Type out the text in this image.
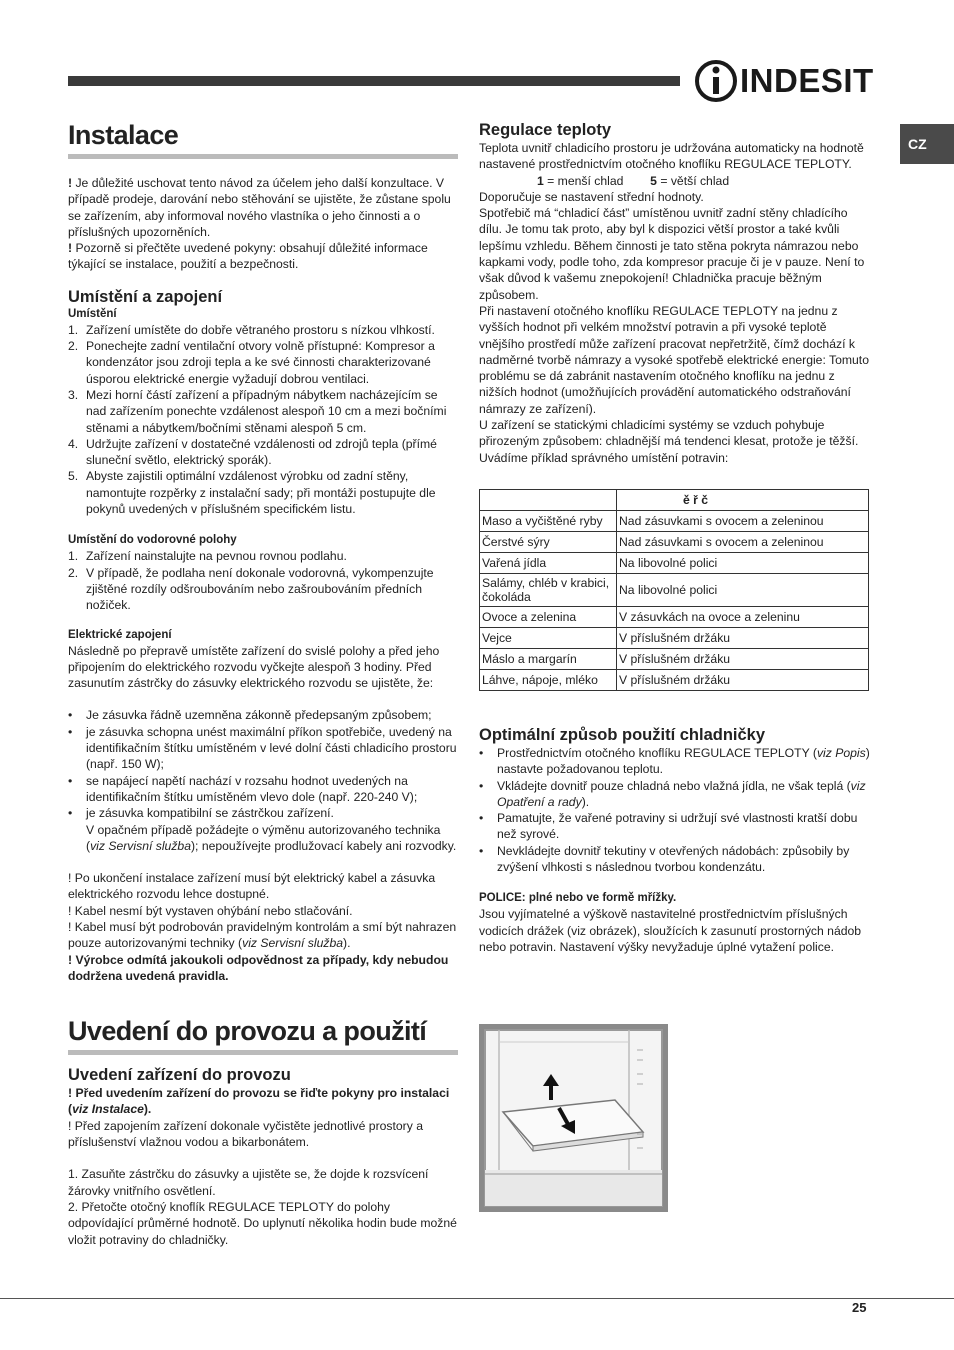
INDESIT
CZ
Instalace

! Je důležité uschovat tento návod za účelem jeho další konzultace. V případě prodeje, darování nebo stěhování se ujistěte, že zůstane spolu se zařízením, aby informoval nového vlastníka o jeho činnosti a o příslušných upozorněních.

! Pozorně si přečtěte uvedené pokyny: obsahují důležité informace týkající se instalace, použití a bezpečnosti.

Umístění a zapojení
Umístění
1. Zařízení umístěte do dobře větraného prostoru s nízkou vlhkostí.
2. Ponechejte zadní ventilační otvory volně přístupné: Kompresor a kondenzátor jsou zdroji tepla a ke své činnosti charakterizované úsporou elektrické energie vyžadují dobrou ventilaci.
3. Mezi horní částí zařízení a případným nábytkem nacházejícím se nad zařízením ponechte vzdálenost alespoň 10 cm a mezi bočními stěnami a nábytkem/bočními stěnami alespoň 5 cm.
4. Udržujte zařízení v dostatečné vzdálenosti od zdrojů tepla (přímé sluneční světlo, elektrický sporák).
5. Abyste zajistili optimální vzdálenost výrobku od zadní stěny, namontujte rozpěrky z instalační sady; při montáži postupujte dle pokynů uvedených v příslušném specifickém listu.
Umístění do vodorovné polohy
1. Zařízení nainstalujte na pevnou rovnou podlahu.
2. V případě, že podlaha není dokonale vodorovná, vykompenzujte zjištěné rozdíly odšroubováním nebo zašroubováním předních nožiček.
Elektrické zapojení

Následně po přepravě umístěte zařízení do svislé polohy a před jeho připojením do elektrického rozvodu vyčkejte alespoň 3 hodiny. Před zasunutím zástrčky do zásuvky elektrického rozvodu se ujistěte, že:

• Je zásuvka řádně uzemněna zákonně předepsaným způsobem;
• je zásuvka schopna unést maximální příkon spotřebiče, uvedený na identifikačním štítku umístěném v levé dolní části chladicího prostoru (např. 150 W);
• se napájecí napětí nachází v rozsahu hodnot uvedených na identifikačním štítku umístěném vlevo dole (např. 220-240 V);
• je zásuvka kompatibilní se zástrčkou zařízení.
V opačném případě požádejte o výměnu autorizovaného technika (viz Servisní služba); nepoužívejte prodlužovací kabely ani rozvodky.

! Po ukončení instalace zařízení musí být elektrický kabel a zásuvka elektrického rozvodu lehce dostupné.

! Kabel nesmí být vystaven ohýbání nebo stlačování.

! Kabel musí být podrobován pravidelným kontrolám a smí být nahrazen pouze autorizovanými techniky (viz Servisní služba).

! Výrobce odmítá jakoukoli odpovědnost za případy, kdy nebudou dodržena uvedená pravidla.

Uvedení do provozu a použití
Uvedení zařízení do provozu

! Před uvedením zařízení do provozu se řiďte pokyny pro instalaci (viz Instalace).

! Před zapojením zařízení dokonale vyčistěte jednotlivé prostory a příslušenství vlažnou vodou a bikarbonátem.

1. Zasuňte zástrčku do zásuvky a ujistěte se, že dojde k rozsvícení žárovky vnitřního osvětlení.

2. Přetočte otočný knoflík REGULACE TEPLOTY do polohy odpovídající průměrné hodnotě. Do uplynutí několika hodin bude možné vložit potraviny do chladničky.

Regulace teploty

Teplota uvnitř chladicího prostoru je udržována automaticky na hodnotě nastavené prostřednictvím otočného knoflíku REGULACE TEPLOTY.

1 = menší chlad 5 = větší chlad

Doporučuje se nastavení střední hodnoty.

Spotřebič má “chladicí část” umístěnou uvnitř zadní stěny chladícího dílu. Je tomu tak proto, aby byl k dispozici větší prostor a také kvůli lepšímu vzhledu. Během činnosti je tato stěna pokryta námrazou nebo kapkami vody, podle toho, zda kompresor pracuje či je v pauze. Není to však důvod k vašemu znepokojení! Chladnička pracuje běžným způsobem.

Při nastavení otočného knoflíku REGULACE TEPLOTY na jednu z vyšších hodnot při velkém množství potravin a při vysoké teplotě vnějšího prostředí může zařízení pracovat nepřetržitě, čímž dochází k nadměrné tvorbě námrazy a vysoké spotřebě elektrické energie: Tomuto problému se dá zabránit nastavením otočného knoflíku na jednu z nižších hodnot (umožňujících provádění automatického odstraňování námrazy ze zařízení).

U zařízení se statickými chladicími systémy se vzduch pohybuje přirozeným způsobem: chladnější má tendenci klesat, protože je těžší. Uvádíme příklad správného umístění potravin:

	ě ř č
Maso a vyčištěné ryby	Nad zásuvkami s ovocem a zeleninou
Čerstvé sýry	Nad zásuvkami s ovocem a zeleninou
Vařená jídla	Na libovolné polici
Salámy, chléb v krabici, čokoláda	Na libovolné polici
Ovoce a zelenina	V zásuvkách na ovoce a zeleninu
Vejce	V příslušném držáku
Máslo a margarín	V příslušném držáku
Láhve, nápoje, mléko	V příslušném držáku
Optimální způsob použití chladničky
• Prostřednictvím otočného knoflíku REGULACE TEPLOTY (viz Popis) nastavte požadovanou teplotu.
• Vkládejte dovnitř pouze chladná nebo vlažná jídla, ne však teplá (viz Opatření a rady).
• Pamatujte, že vařené potraviny si udržují své vlastnosti kratší dobu než syrové.
• Nevkládejte dovnitř tekutiny v otevřených nádobách: způsobily by zvýšení vlhkosti s následnou tvorbou kondenzátu.
POLICE: plné nebo ve formě mřížky.

Jsou vyjímatelné a výškově nastavitelné prostřednictvím příslušných vodicích drážek (viz obrázek), sloužících k zasunutí prostorných nádob nebo potravin. Nastavení výšky nevyžaduje úplné vytažení police.

25
